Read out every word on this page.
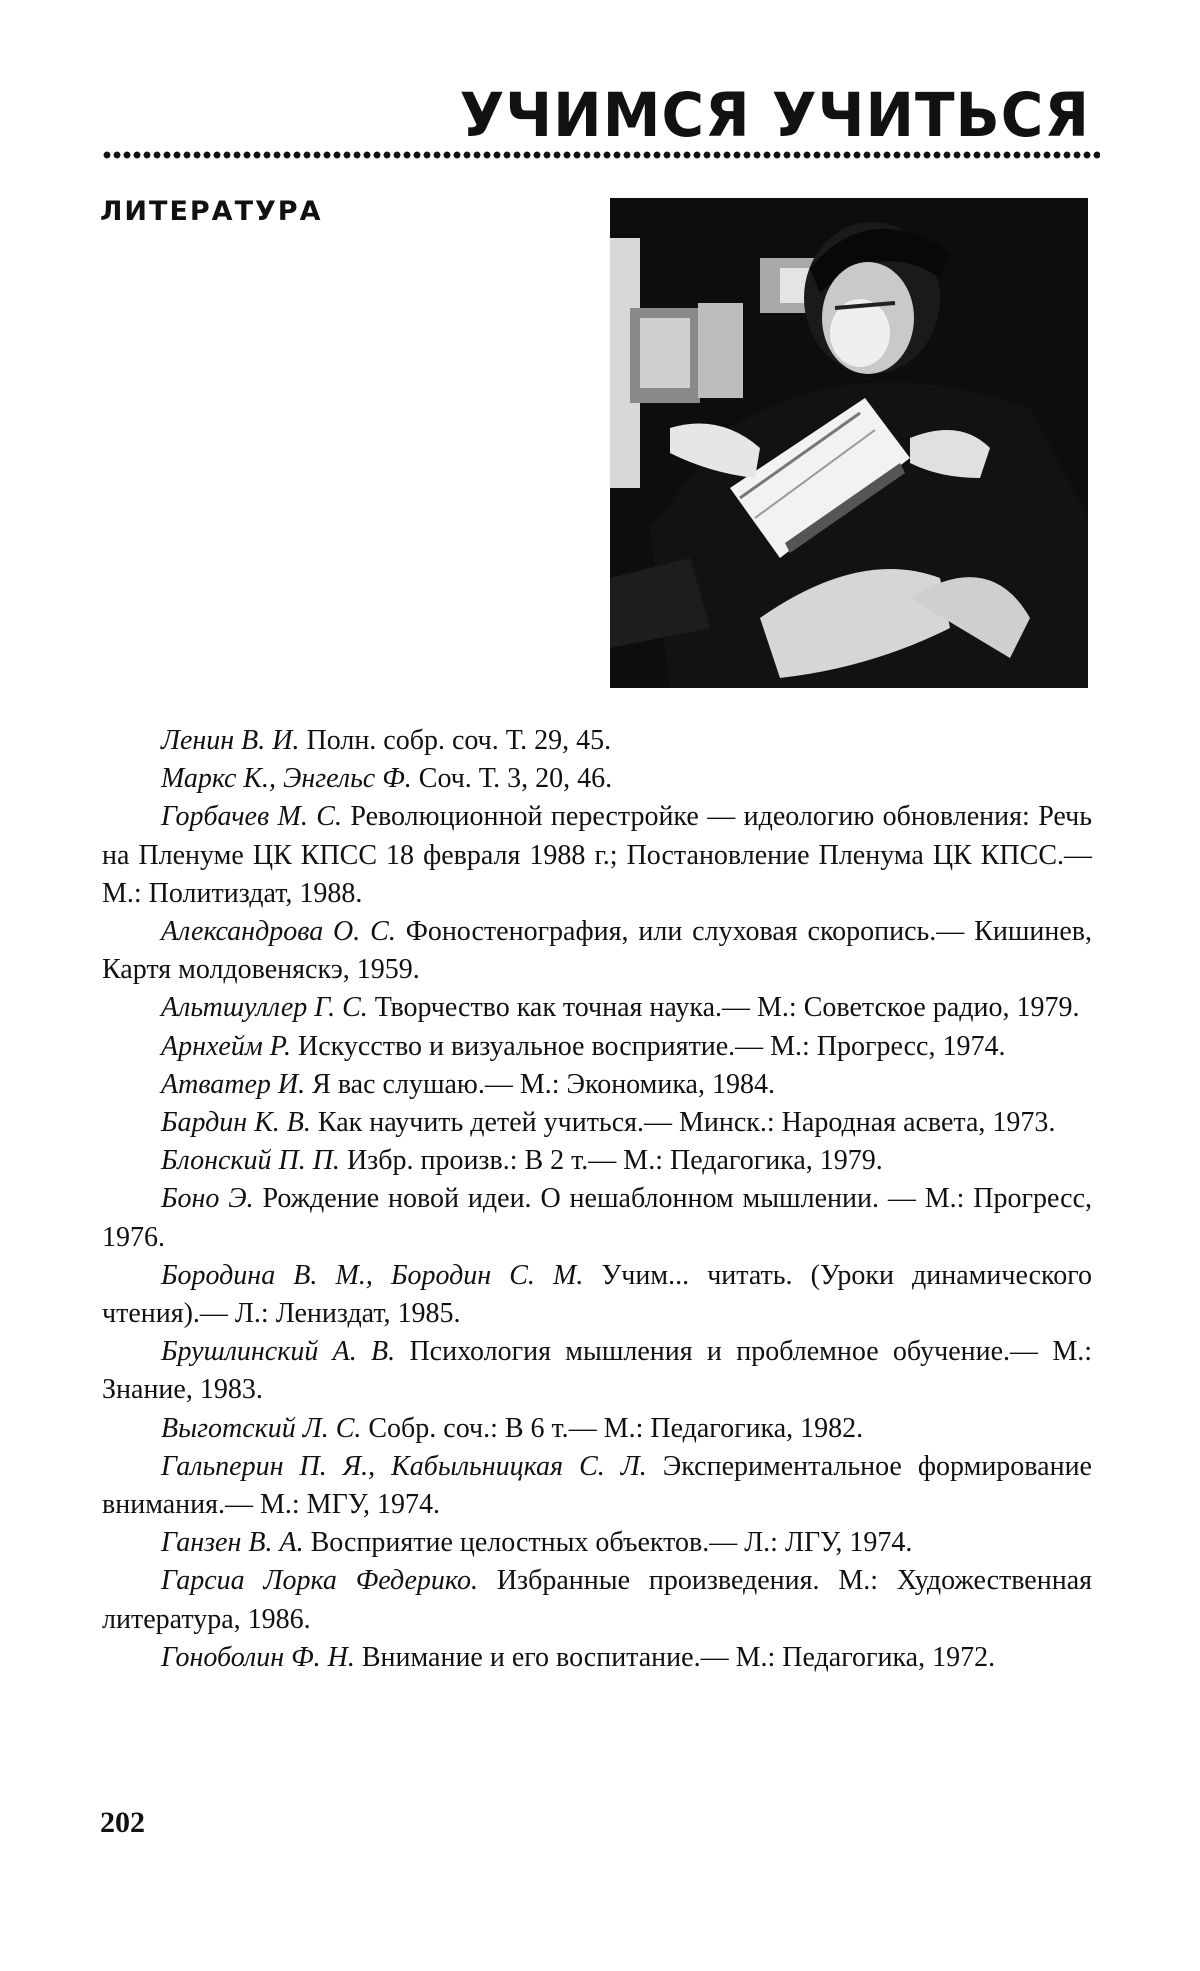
УЧИМСЯ УЧИТЬСЯ
ЛИТЕРАТУРА

Ленин В. И. Полн. собр. соч. Т. 29, 45.

Маркс К., Энгельс Ф. Соч. Т. 3, 20, 46.

Горбачев М. С. Революционной перестройке — идеологию обновления: Речь на Пленуме ЦК КПСС 18 февраля 1988 г.; Постановление Пленума ЦК КПСС.— М.: Политиздат, 1988.

Александрова О. С. Фоностенография, или слуховая скоропись.— Кишинев, Картя молдовеняскэ, 1959.

Альтшуллер Г. С. Творчество как точная наука.— М.: Советское радио, 1979.

Арнхейм Р. Искусство и визуальное восприятие.— М.: Прогресс, 1974.

Атватер И. Я вас слушаю.— М.: Экономика, 1984.

Бардин К. В. Как научить детей учиться.— Минск.: Народная асвета, 1973.

Блонский П. П. Избр. произв.: В 2 т.— М.: Педагогика, 1979.

Боно Э. Рождение новой идеи. О нешаблонном мышлении. — М.: Прогресс, 1976.

Бородина В. М., Бородин С. М. Учим... читать. (Уроки динамического чтения).— Л.: Лениздат, 1985.

Брушлинский А. В. Психология мышления и проблемное обучение.— М.: Знание, 1983.

Выготский Л. С. Собр. соч.: В 6 т.— М.: Педагогика, 1982.

Гальперин П. Я., Кабыльницкая С. Л. Экспериментальное формирование внимания.— М.: МГУ, 1974.

Ганзен В. А. Восприятие целостных объектов.— Л.: ЛГУ, 1974.

Гарсиа Лорка Федерико. Избранные произведения. М.: Художественная литература, 1986.

Гоноболин Ф. Н. Внимание и его воспитание.— М.: Педагогика, 1972.

202
